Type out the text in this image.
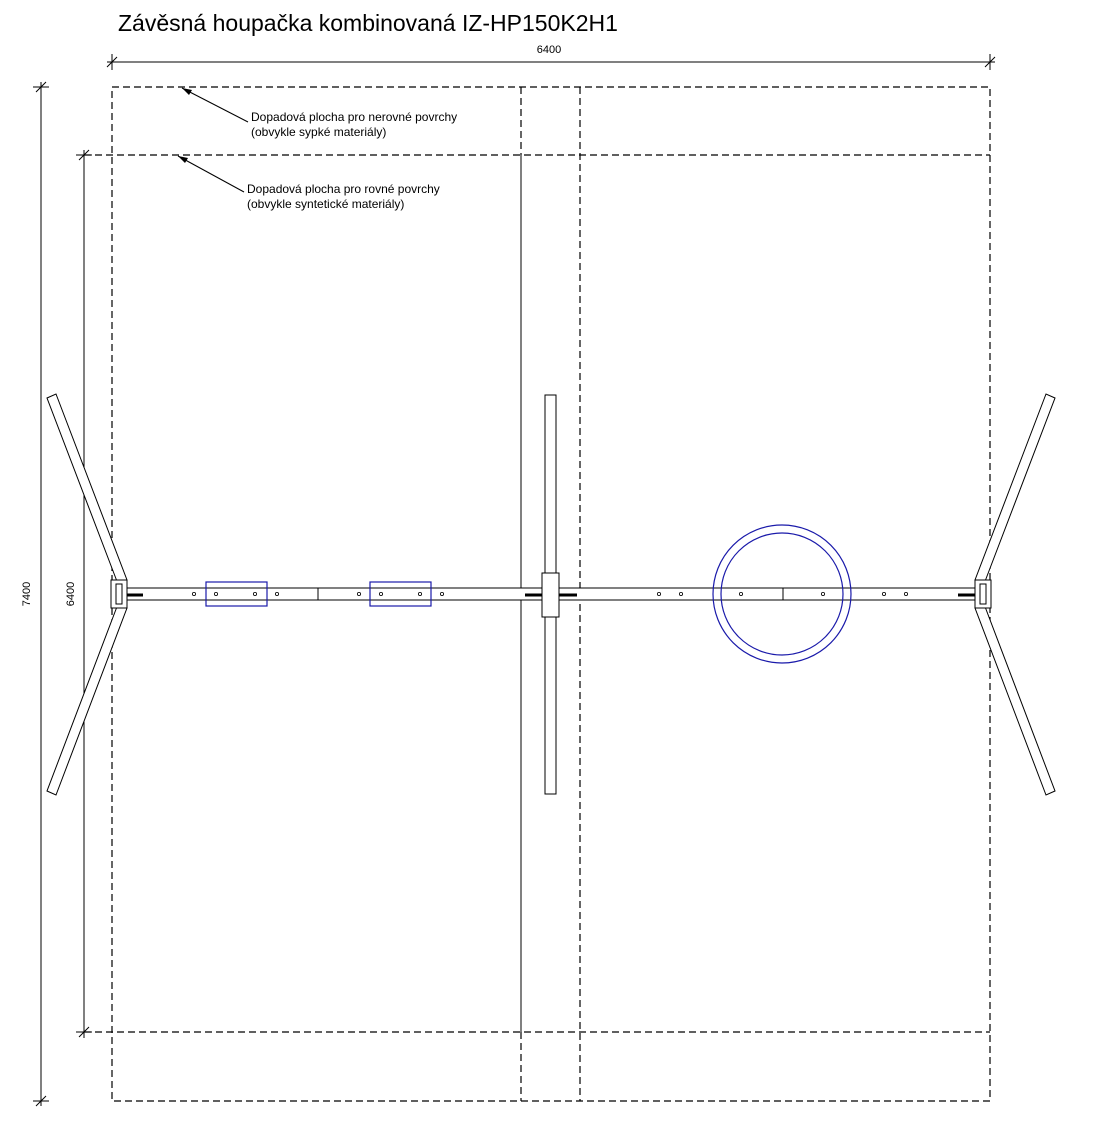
Závěsná houpačka kombinovaná IZ-HP150K2H1
6400
7400	6400
Dopadová plocha pro nerovné povrchy
(obvykle sypké materiály)
Dopadová plocha pro rovné povrchy
(obvykle syntetické materiály)
